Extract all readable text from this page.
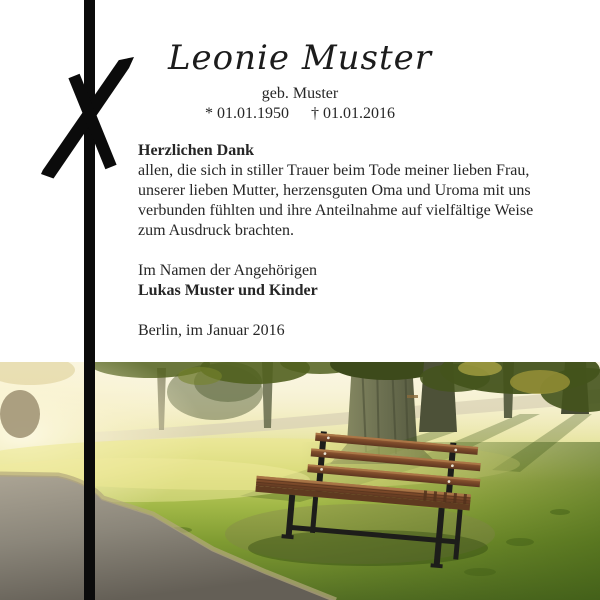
Leonie Muster
geb. Muster
* 01.01.1950 † 01.01.2016
Herzlichen Dank
allen, die sich in stiller Trauer beim Tode meiner lieben Frau,
unserer lieben Mutter, herzensguten Oma und Uroma mit uns
verbunden fühlten und ihre Anteilnahme auf vielfältige Weise
zum Ausdruck brachten.
Im Namen der Angehörigen
Lukas Muster und Kinder
Berlin, im Januar 2016
